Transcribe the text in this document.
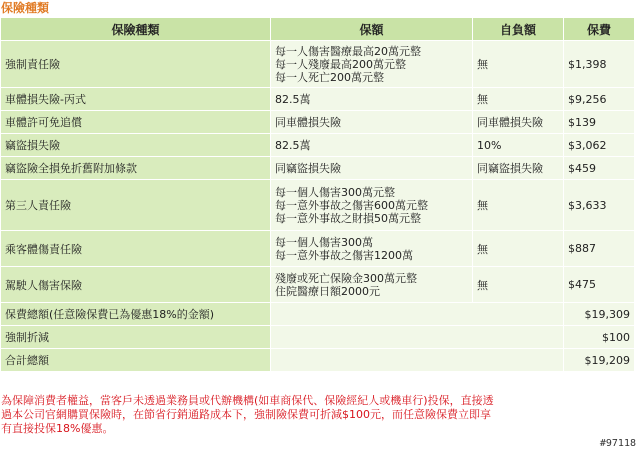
保險種類
保險種類	保額	自負額	保費
強制責任險	每一人傷害醫療最高20萬元整
每一人殘廢最高200萬元整
每一人死亡200萬元整	無	$1,398
車體損失險-丙式	82.5萬	無	$9,256
車體許可免追償	同車體損失險	同車體損失險	$139
竊盜損失險	82.5萬	10%	$3,062
竊盜險全損免折舊附加條款	同竊盜損失險	同竊盜損失險	$459
第三人責任險	每一個人傷害300萬元整
每一意外事故之傷害600萬元整
每一意外事故之財損50萬元整	無	$3,633
乘客體傷責任險	每一個人傷害300萬
每一意外事故之傷害1200萬	無	$887
駕駛人傷害保險	殘廢或死亡保險金300萬元整
住院醫療日額2000元	無	$475
保費總額(任意險保費已為優惠18%的金額)			$19,309
強制折減			$100
合計總額			$19,209
為保障消費者權益，當客戶未透過業務員或代辦機構(如車商保代、保險經紀人或機車行)投保，直接透
過本公司官網購買保險時，在節省行銷通路成本下，強制險保費可折減$100元，而任意險保費立即享
有直接投保18%優惠。
#97118
